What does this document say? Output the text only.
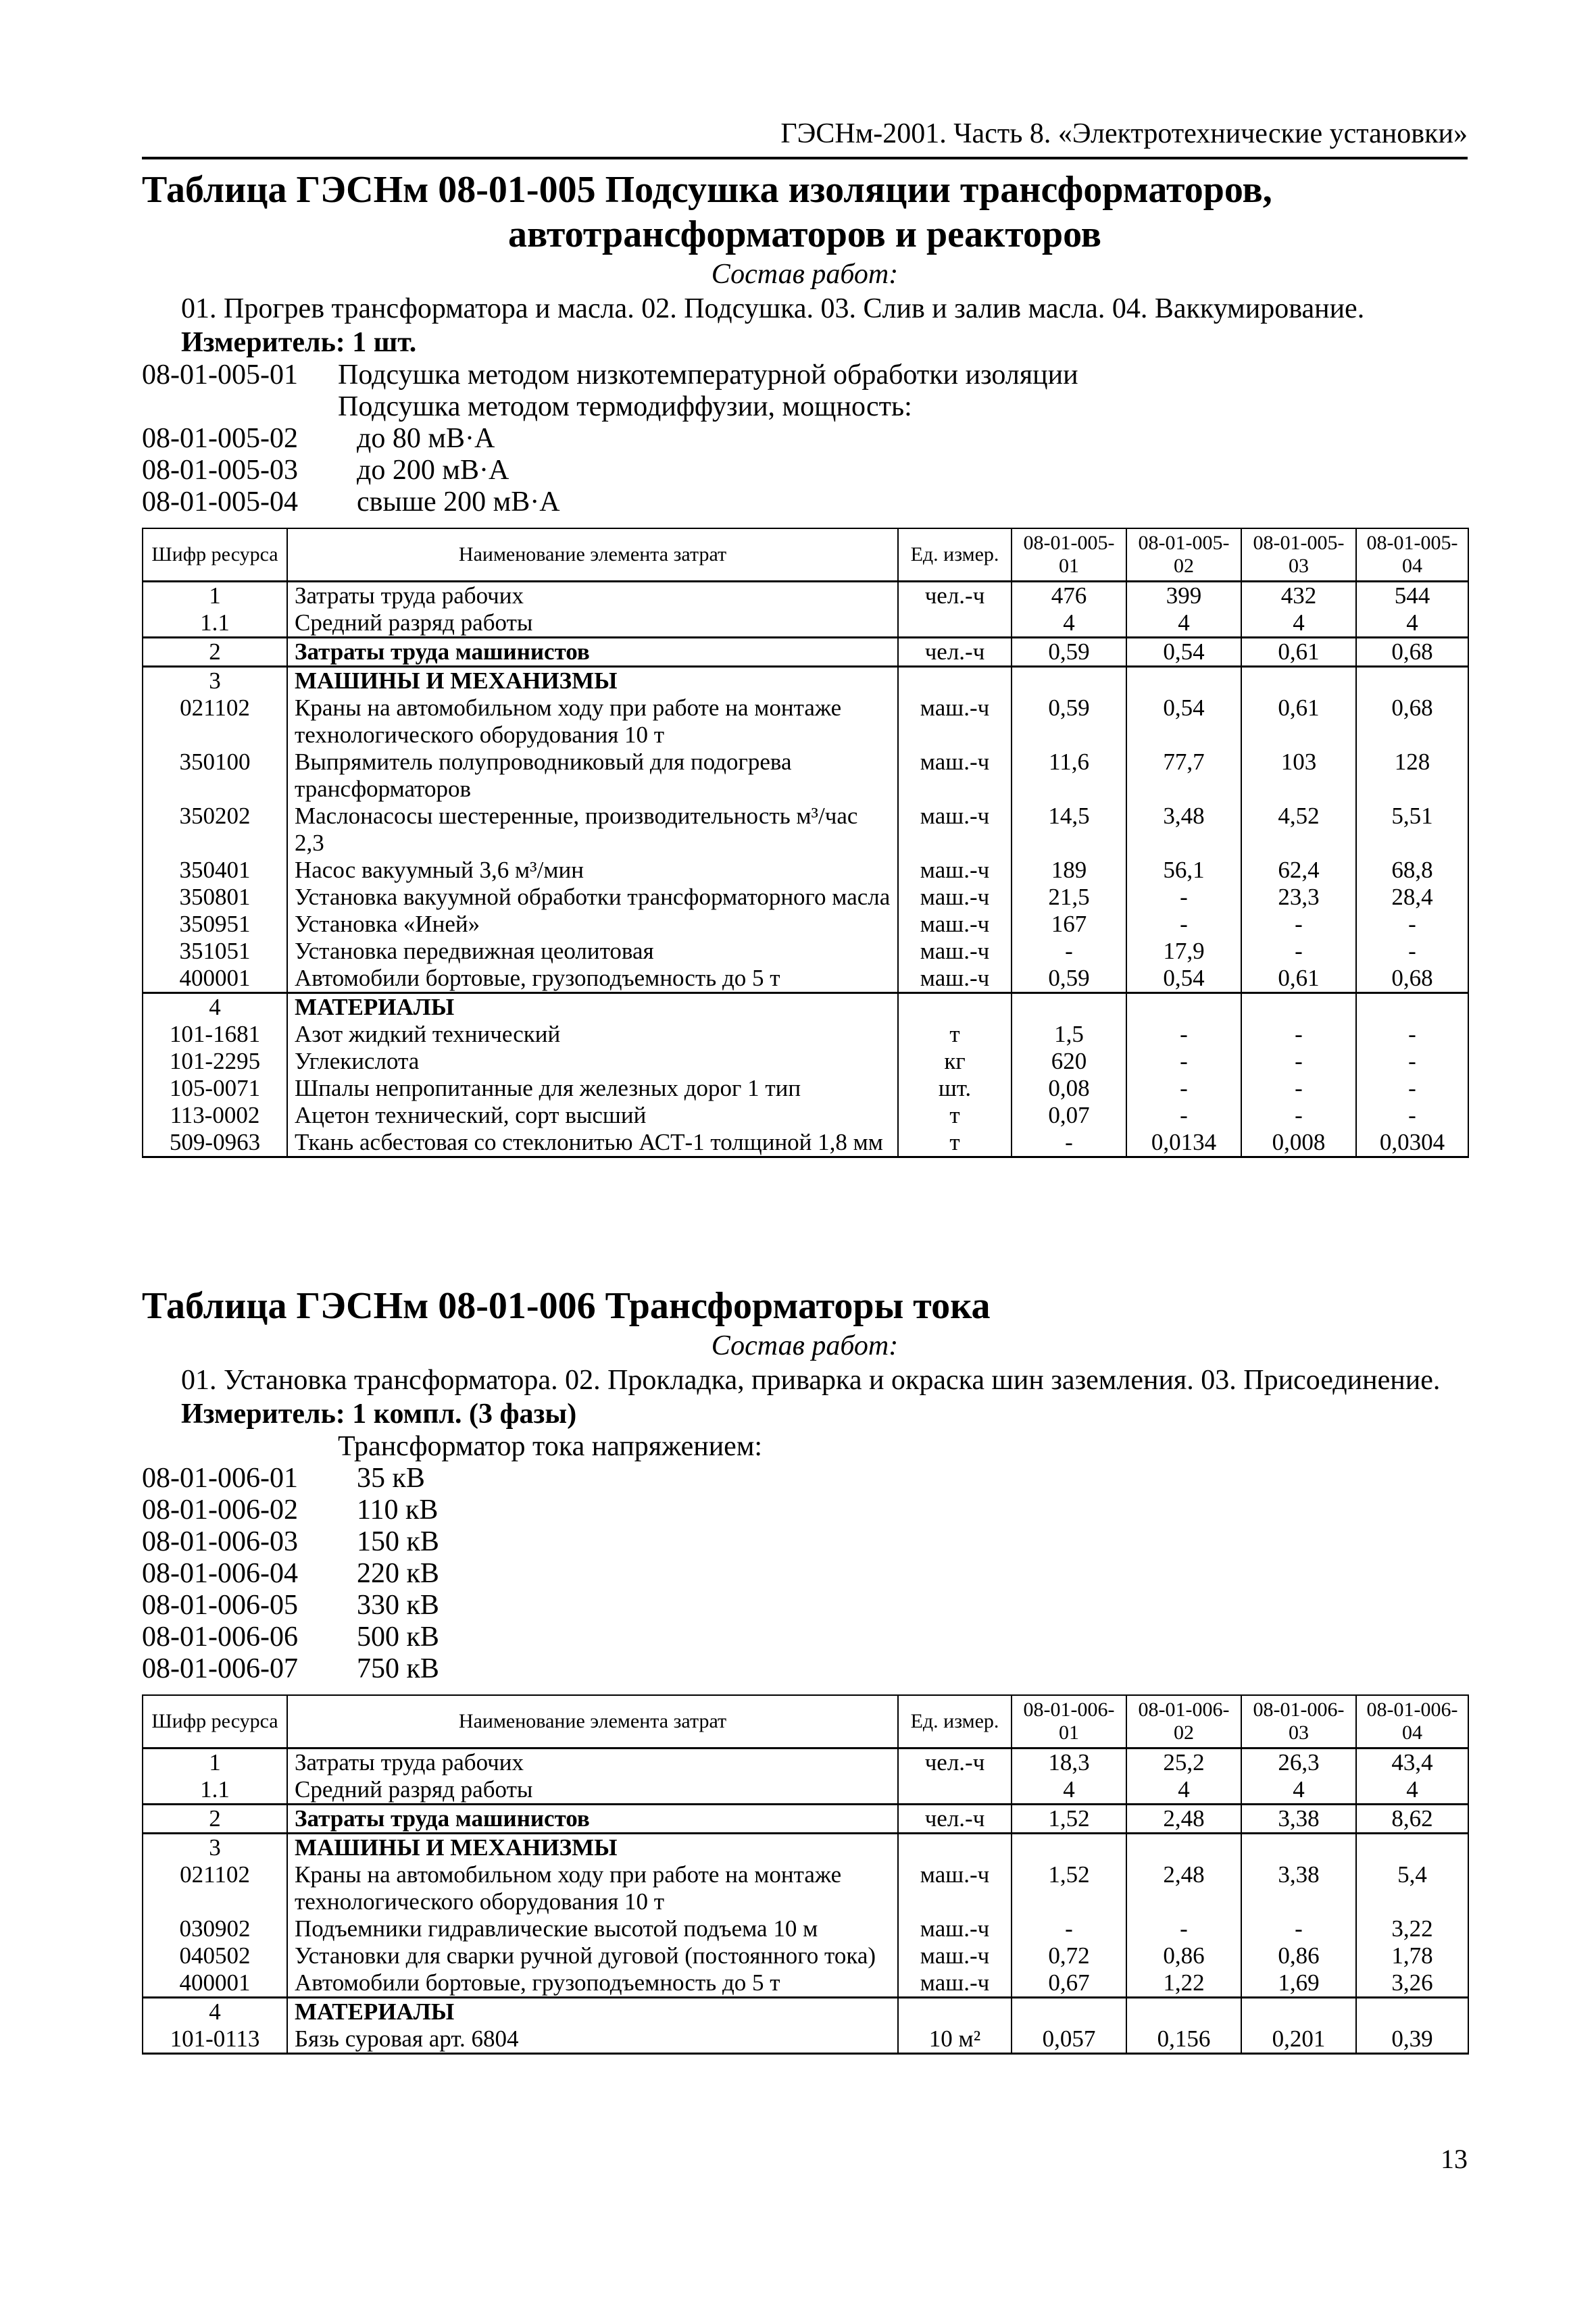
ГЭСНм-2001. Часть 8. «Электротехнические установки»
Таблица ГЭСНм 08-01-005 Подсушка изоляции трансформаторов,
автотрансформаторов и реакторов
Состав работ:
01. Прогрев трансформатора и масла. 02. Подсушка. 03. Слив и залив масла. 04. Ваккумирование.
Измеритель: 1 шт.
08-01-005-01	Подсушка методом низкотемпературной обработки изоляции
Подсушка методом термодиффузии, мощность:
08-01-005-02	до 80 мВ·А
08-01-005-03	до 200 мВ·А
08-01-005-04	свыше 200 мВ·А
Шифр ресурса	Наименование элемента затрат	Ед. измер.	08-01-005-01	08-01-005-02	08-01-005-03	08-01-005-04
1	Затраты труда рабочих	чел.-ч	476	399	432	544
1.1	Средний разряд работы		4	4	4	4
2	Затраты труда машинистов	чел.-ч	0,59	0,54	0,61	0,68
3	МАШИНЫ И МЕХАНИЗМЫ					
021102	Краны на автомобильном ходу при работе на монтаже технологического оборудования 10 т	маш.-ч	0,59	0,54	0,61	0,68
350100	Выпрямитель полупроводниковый для подогрева трансформаторов	маш.-ч	11,6	77,7	103	128
350202	Маслонасосы шестеренные, производительность м³/час 2,3	маш.-ч	14,5	3,48	4,52	5,51
350401	Насос вакуумный 3,6 м³/мин	маш.-ч	189	56,1	62,4	68,8
350801	Установка вакуумной обработки трансформаторного масла	маш.-ч	21,5	-	23,3	28,4
350951	Установка «Иней»	маш.-ч	167	-	-	-
351051	Установка передвижная цеолитовая	маш.-ч	-	17,9	-	-
400001	Автомобили бортовые, грузоподъемность до 5 т	маш.-ч	0,59	0,54	0,61	0,68
4	МАТЕРИАЛЫ					
101-1681	Азот жидкий технический	т	1,5	-	-	-
101-2295	Углекислота	кг	620	-	-	-
105-0071	Шпалы непропитанные для железных дорог 1 тип	шт.	0,08	-	-	-
113-0002	Ацетон технический, сорт высший	т	0,07	-	-	-
509-0963	Ткань асбестовая со стеклонитью АСТ-1 толщиной 1,8 мм	т	-	0,0134	0,008	0,0304
Таблица ГЭСНм 08-01-006 Трансформаторы тока
Состав работ:
01. Установка трансформатора. 02. Прокладка, приварка и окраска шин заземления. 03. Присоединение.
Измеритель: 1 компл. (3 фазы)
Трансформатор тока напряжением:
08-01-006-01	35 кВ
08-01-006-02	110 кВ
08-01-006-03	150 кВ
08-01-006-04	220 кВ
08-01-006-05	330 кВ
08-01-006-06	500 кВ
08-01-006-07	750 кВ
Шифр ресурса	Наименование элемента затрат	Ед. измер.	08-01-006-01	08-01-006-02	08-01-006-03	08-01-006-04
1	Затраты труда рабочих	чел.-ч	18,3	25,2	26,3	43,4
1.1	Средний разряд работы		4	4	4	4
2	Затраты труда машинистов	чел.-ч	1,52	2,48	3,38	8,62
3	МАШИНЫ И МЕХАНИЗМЫ					
021102	Краны на автомобильном ходу при работе на монтаже технологического оборудования 10 т	маш.-ч	1,52	2,48	3,38	5,4
030902	Подъемники гидравлические высотой подъема 10 м	маш.-ч	-	-	-	3,22
040502	Установки для сварки ручной дуговой (постоянного тока)	маш.-ч	0,72	0,86	0,86	1,78
400001	Автомобили бортовые, грузоподъемность до 5 т	маш.-ч	0,67	1,22	1,69	3,26
4	МАТЕРИАЛЫ					
101-0113	Бязь суровая арт. 6804	10 м²	0,057	0,156	0,201	0,39
13
